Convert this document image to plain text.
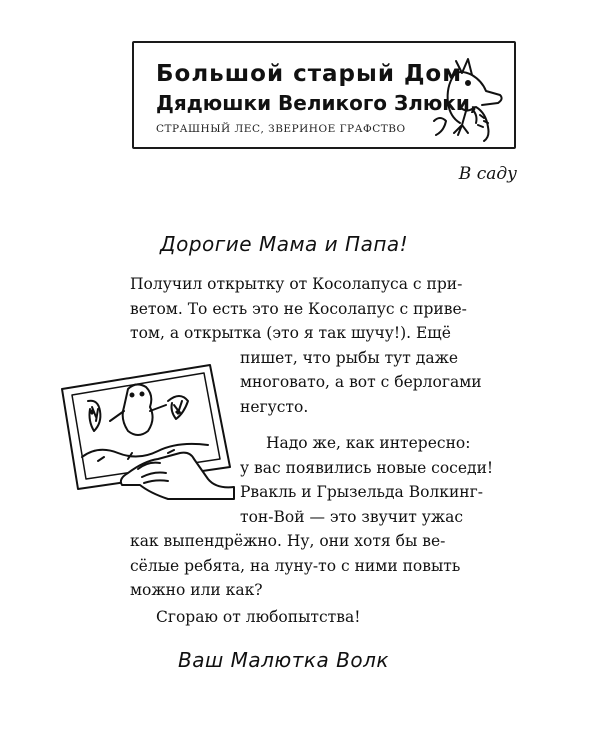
Большой старый Дом
Дядюшки Великого Злюки,
СТРАШНЫЙ ЛЕС, ЗВЕРИНОЕ ГРАФСТВО
В саду
Дорогие Мама и Папа!

Получил открытку от Косолапуса с при-

ветом. То есть это не Косолапус с приве-

том, а открытка (это я так шучу!). Ещё

пишет, что рыбы тут даже

многовато, а вот с берлогами

негусто.

Надо же, как интересно:

у вас появились новые соседи!

Рвакль и Грызельда Волкинг-

тон-Вой — это звучит ужас

как выпендрёжно. Ну, они хотя бы ве-

сёлые ребята, на луну-то с ними повыть

можно или как?

Сгораю от любопытства!
Ваш Малютка Волк
